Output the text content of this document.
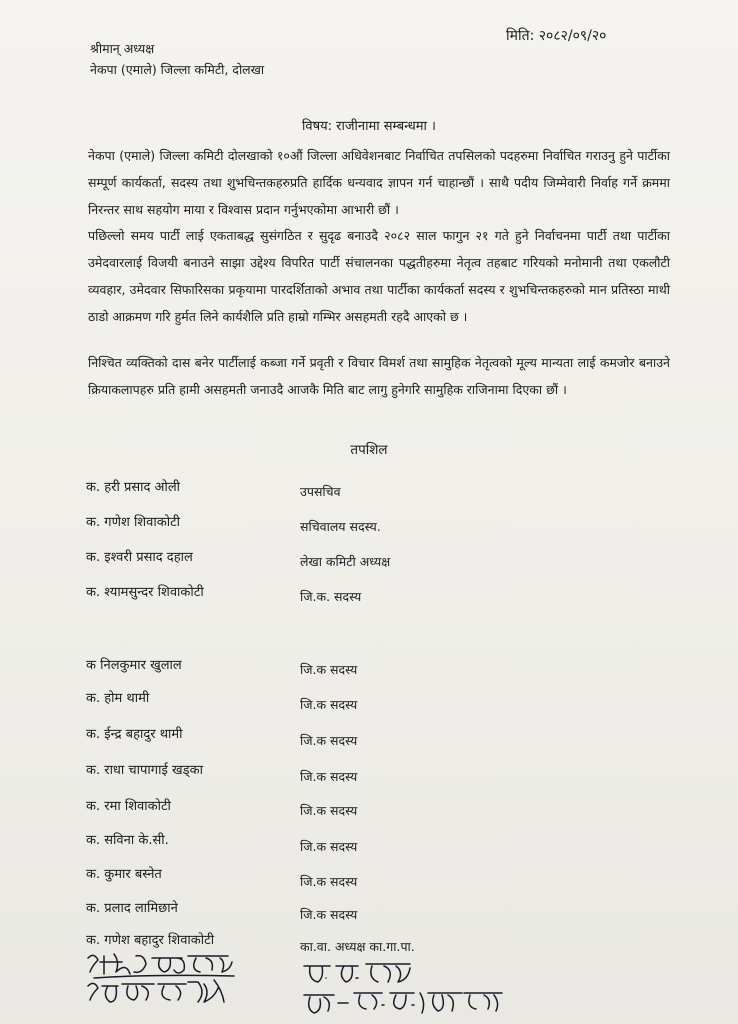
मिति: २०८२/०९/२०
श्रीमान् अध्यक्ष
नेकपा (एमाले) जिल्ला कमिटी, दोलखा
विषय: राजीनामा सम्बन्धमा ।
नेकपा (एमाले) जिल्ला कमिटी दोलखाको १०औं जिल्ला अधिवेशनबाट निर्वाचित तपसिलको पदहरुमा निर्वाचित गराउनु हुने पार्टीका सम्पूर्ण कार्यकर्ता, सदस्य तथा शुभचिन्तकहरुप्रति हार्दिक धन्यवाद ज्ञापन गर्न चाहान्छौं । साथै पदीय जिम्मेवारी निर्वाह गर्ने क्रममा निरन्तर साथ सहयोग माया र विश्वास प्रदान गर्नुभएकोमा आभारी छौं ।
पछिल्लो समय पार्टी लाई एकताबद्ध सुसंगठित र सुदृढ बनाउदै २०८२ साल फागुन २१ गते हुने निर्वाचनमा पार्टी तथा पार्टीका उमेदवारलाई विजयी बनाउने साझा उद्देश्य विपरित पार्टी संचालनका पद्धतीहरुमा नेतृत्व तहबाट गरियको मनोमानी तथा एकलौटी व्यवहार, उमेदवार सिफारिसका प्रकृयामा पारदर्शिताको अभाव तथा पार्टीका कार्यकर्ता सदस्य र शुभचिन्तकहरुको मान प्रतिस्ठा माथी ठाडो आक्रमण गरि हुर्मत लिने कार्यशैलि प्रति हाम्रो गम्भिर असहमती रहदै आएको छ ।
निश्चित व्यक्तिको दास बनेर पार्टीलाई कब्जा गर्ने प्रवृती र विचार विमर्श तथा सामुहिक नेतृत्वको मूल्य मान्यता लाई कमजोर बनाउने क्रियाकलापहरु प्रति हामी असहमती जनाउदै आजकै मिति बाट लागु हुनेगरि सामुहिक राजिनामा दिएका छौं ।
तपशिल
क. हरी प्रसाद ओली	उपसचिव
क. गणेश शिवाकोटी	सचिवालय सदस्य.
क. इश्वरी प्रसाद दहाल	लेखा कमिटी अध्यक्ष
क. श्यामसुन्दर शिवाकोटी	जि.क. सदस्य
क निलकुमार खुलाल	जि.क सदस्य
क. होम थामी	जि.क सदस्य
क. ईन्द्र बहादुर थामी	जि.क सदस्य
क. राधा चापागाई खड्का	जि.क सदस्य
क. रमा शिवाकोटी	जि.क सदस्य
क. सविना के.सी.	जि.क सदस्य
क. कुमार बस्नेत	जि.क सदस्य
क. प्रलाद लामिछाने	जि.क सदस्य
क. गणेश बहादुर शिवाकोटी	का.वा. अध्यक्ष का.गा.पा.
